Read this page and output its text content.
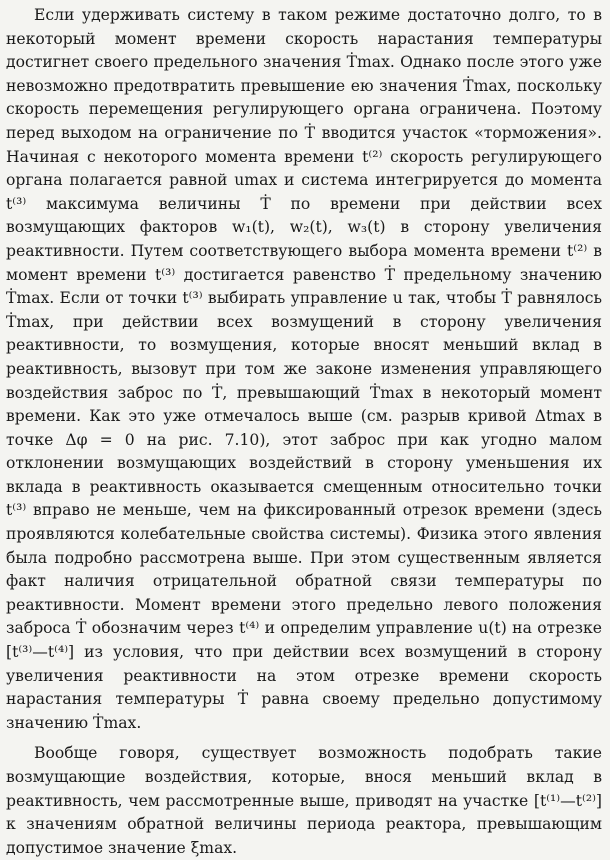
Если удерживать систему в таком режиме достаточно долго, то в некоторый момент времени скорость нарастания температуры достигнет своего предельного значения Ṫmax. Однако после этого уже невозможно предотвратить превышение ею значения Ṫmax, поскольку скорость перемещения регулирующего органа ограничена. Поэтому перед выходом на ограничение по Ṫ вводится участок «торможения». Начиная с некоторого момента времени t⁽²⁾ скорость регулирующего органа полагается равной umax и система интегрируется до момента t⁽³⁾ максимума величины Ṫ по времени при действии всех возмущающих факторов w₁(t), w₂(t), w₃(t) в сторону увеличения реактивности. Путем соответствующего выбора момента времени t⁽²⁾ в момент времени t⁽³⁾ достигается равенство Ṫ предельному значению Ṫmax. Если от точки t⁽³⁾ выбирать управление u так, чтобы Ṫ равнялось Ṫmax, при действии всех возмущений в сторону увеличения реактивности, то возмущения, которые вносят меньший вклад в реактивность, вызовут при том же законе изменения управляющего воздействия заброс по Ṫ, превышающий Ṫmax в некоторый момент времени. Как это уже отмечалось выше (см. разрыв кривой Δtmax в точке Δφ = 0 на рис. 7.10), этот заброс при как угодно малом отклонении возмущающих воздействий в сторону уменьшения их вклада в реактивность оказывается смещенным относительно точки t⁽³⁾ вправо не меньше, чем на фиксированный отрезок времени (здесь проявляются колебательные свойства системы). Физика этого явления была подробно рассмотрена выше. При этом существенным является факт наличия отрицательной обратной связи температуры по реактивности. Момент времени этого предельно левого положения заброса Ṫ обозначим через t⁽⁴⁾ и определим управление u(t) на отрезке [t⁽³⁾—t⁽⁴⁾] из условия, что при действии всех возмущений в сторону увеличения реактивности на этом отрезке времени скорость нарастания температуры Ṫ равна своему предельно допустимому значению Ṫmax.

Вообще говоря, существует возможность подобрать такие возмущающие воздействия, которые, внося меньший вклад в реактивность, чем рассмотренные выше, приводят на участке [t⁽¹⁾—t⁽²⁾] к значениям обратной величины периода реактора, превышающим допустимое значение ξmax.
